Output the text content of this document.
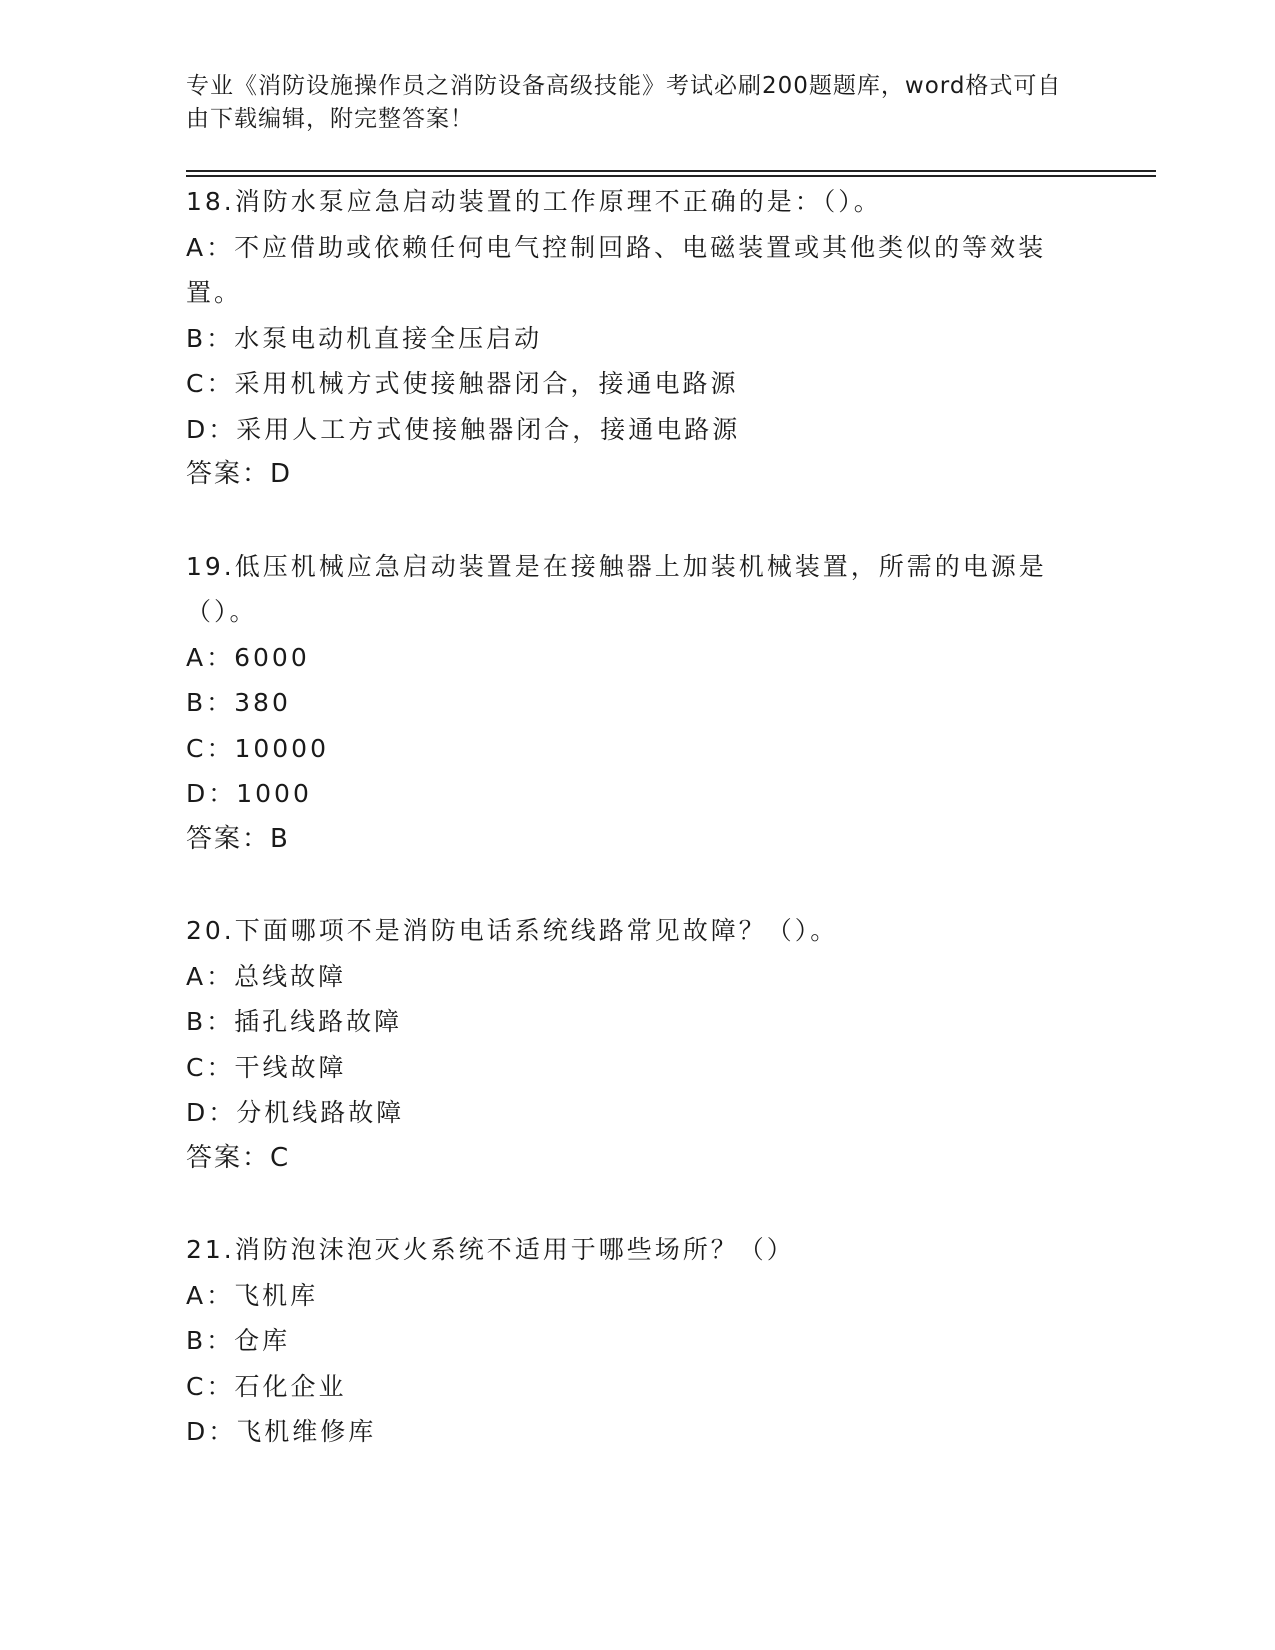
专业《消防设施操作员之消防设备高级技能》考试必刷200题题库，word格式可自由下载编辑，附完整答案！

18.消防水泵应急启动装置的工作原理不正确的是：（）。

A：不应借助或依赖任何电气控制回路、电磁装置或其他类似的等效装置。

B：水泵电动机直接全压启动

C：采用机械方式使接触器闭合，接通电路源

D：采用人工方式使接触器闭合，接通电路源

答案：D

19.低压机械应急启动装置是在接触器上加装机械装置，所需的电源是（）。

A：6000

B：380

C：10000

D：1000

答案：B

20.下面哪项不是消防电话系统线路常见故障？（）。

A：总线故障

B：插孔线路故障

C：干线故障

D：分机线路故障

答案：C

21.消防泡沫泡灭火系统不适用于哪些场所？（）

A：飞机库

B：仓库

C：石化企业

D：飞机维修库
